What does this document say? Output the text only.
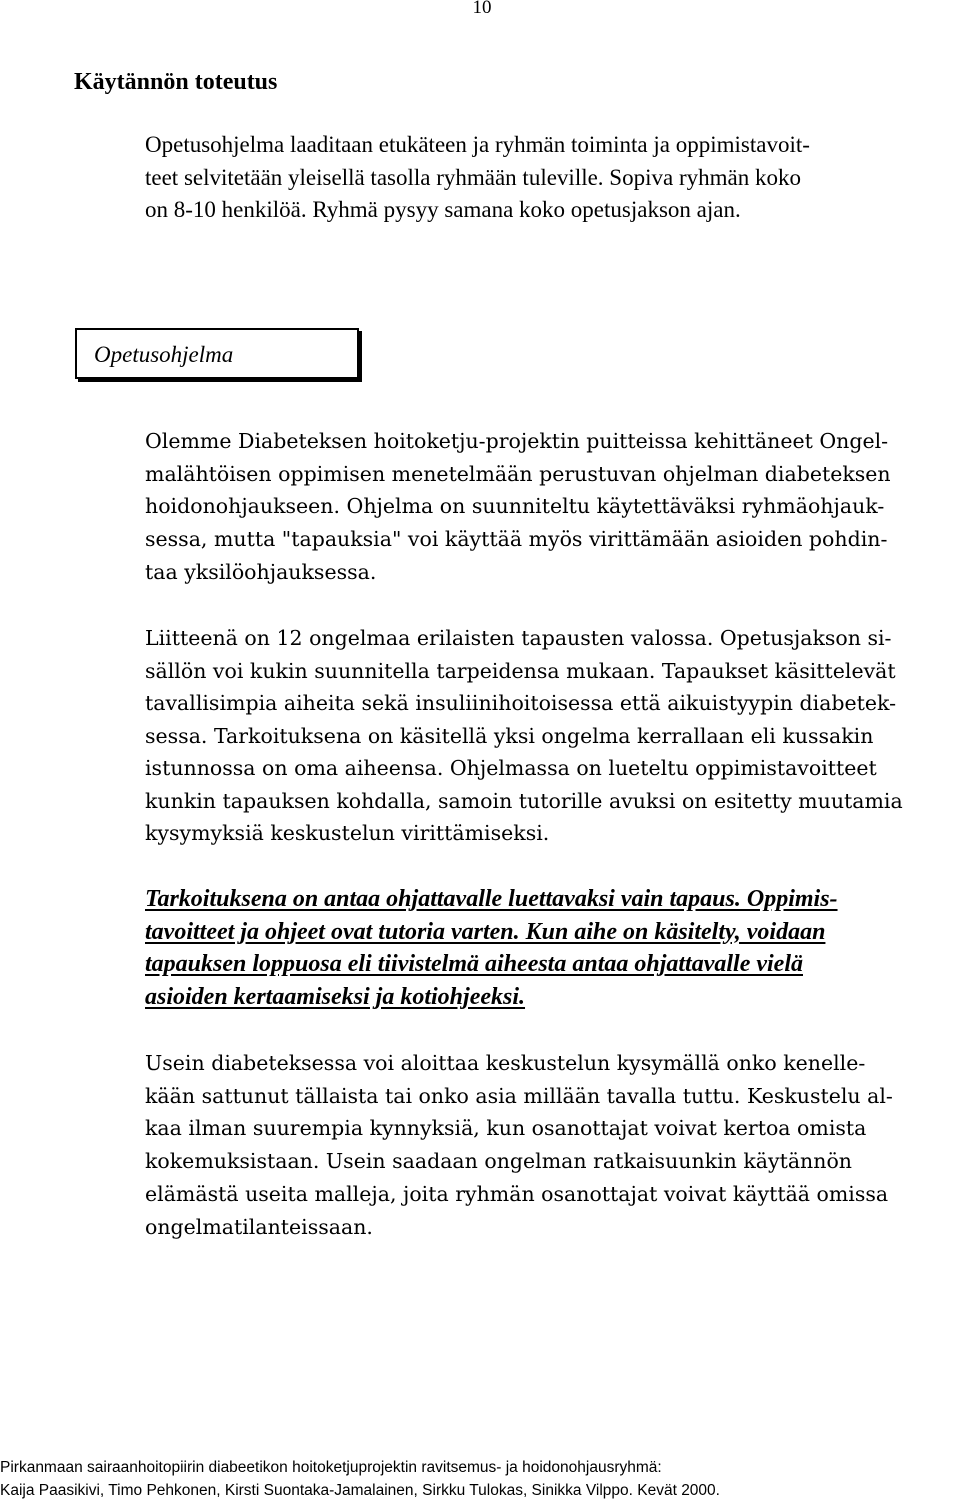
10
Käytännön toteutus

Opetusohjelma laaditaan etukäteen ja ryhmän toiminta ja oppimistavoit-
teet selvitetään yleisellä tasolla ryhmään tuleville. Sopiva ryhmän koko
on 8-10 henkilöä. Ryhmä pysyy samana koko opetusjakson ajan.

Opetusohjelma

Olemme Diabeteksen hoitoketju-projektin puitteissa kehittäneet Ongel-
malähtöisen oppimisen menetelmään perustuvan ohjelman diabeteksen
hoidonohjaukseen. Ohjelma on suunniteltu käytettäväksi ryhmäohjauk-
sessa, mutta "tapauksia" voi käyttää myös virittämään asioiden pohdin-
taa yksilöohjauksessa.

Liitteenä on 12 ongelmaa erilaisten tapausten valossa. Opetusjakson si-
sällön voi kukin suunnitella tarpeidensa mukaan. Tapaukset käsittelevät
tavallisimpia aiheita sekä insuliinihoitoisessa että aikuistyypin diabetek-
sessa. Tarkoituksena on käsitellä yksi ongelma kerrallaan eli kussakin
istunnossa on oma aiheensa. Ohjelmassa on lueteltu oppimistavoitteet
kunkin tapauksen kohdalla, samoin tutorille avuksi on esitetty muutamia
kysymyksiä keskustelun virittämiseksi.

Tarkoituksena on antaa ohjattavalle luettavaksi vain tapaus. Oppimis-
tavoitteet ja ohjeet ovat tutoria varten. Kun aihe on käsitelty, voidaan
tapauksen loppuosa eli tiivistelmä aiheesta antaa ohjattavalle vielä
asioiden kertaamiseksi ja kotiohjeeksi.

Usein diabeteksessa voi aloittaa keskustelun kysymällä onko kenelle-
kään sattunut tällaista tai onko asia millään tavalla tuttu. Keskustelu al-
kaa ilman suurempia kynnyksiä, kun osanottajat voivat kertoa omista
kokemuksistaan. Usein saadaan ongelman ratkaisuunkin käytännön
elämästä useita malleja, joita ryhmän osanottajat voivat käyttää omissa
ongelmatilanteissaan.

Pirkanmaan sairaanhoitopiirin diabeetikon hoitoketjuprojektin ravitsemus- ja hoidonohjausryhmä:
Kaija Paasikivi, Timo Pehkonen, Kirsti Suontaka-Jamalainen, Sirkku Tulokas, Sinikka Vilppo. Kevät 2000.
